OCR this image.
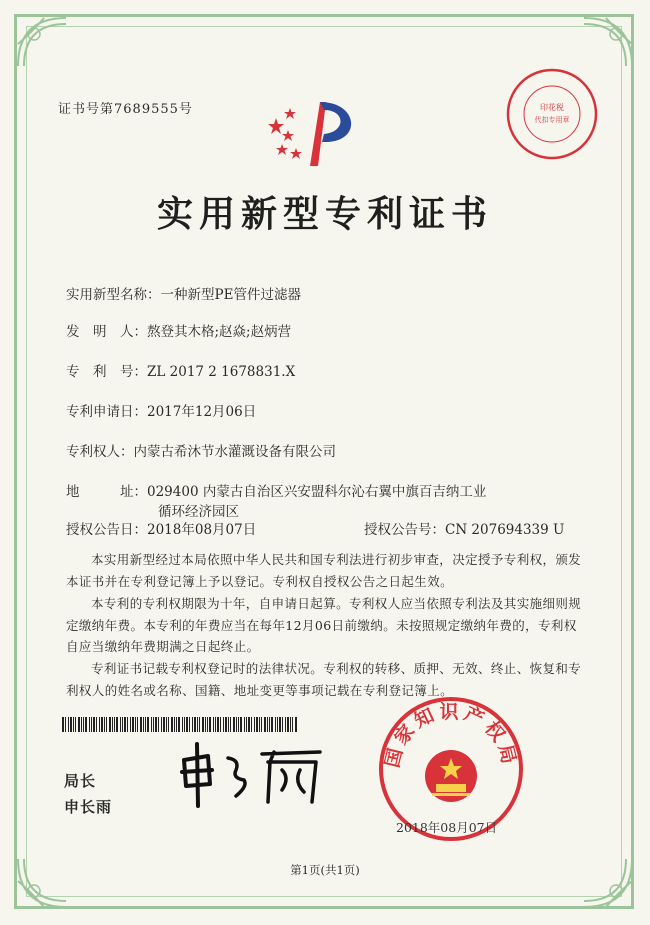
证书号第7689555号	印花税
代扣专用章
实用新型专利证书
实用新型名称：一种新型PE管件过滤器
发　明　人：熬登其木格;赵焱;赵炳营
专　利　号：ZL 2017 2 1678831.X
专利申请日：2017年12月06日
专利权人：内蒙古希沐节水灌溉设备有限公司
地　　　址：029400 内蒙古自治区兴安盟科尔沁右翼中旗百吉纳工业
循环经济园区
授权公告日：2018年08月07日	授权公告号：CN 207694339 U
本实用新型经过本局依照中华人民共和国专利法进行初步审查，决定授予专利权，颁发本证书并在专利登记簿上予以登记。专利权自授权公告之日起生效。
本专利的专利权期限为十年，自申请日起算。专利权人应当依照专利法及其实施细则规定缴纳年费。本专利的年费应当在每年12月06日前缴纳。未按照规定缴纳年费的，专利权自应当缴纳年费期满之日起终止。
专利证书记载专利权登记时的法律状况。专利权的转移、质押、无效、终止、恢复和专利权人的姓名或名称、国籍、地址变更等事项记载在专利登记簿上。
局长
申长雨
国家知识产权局
2018年08月07日
第1页(共1页)
